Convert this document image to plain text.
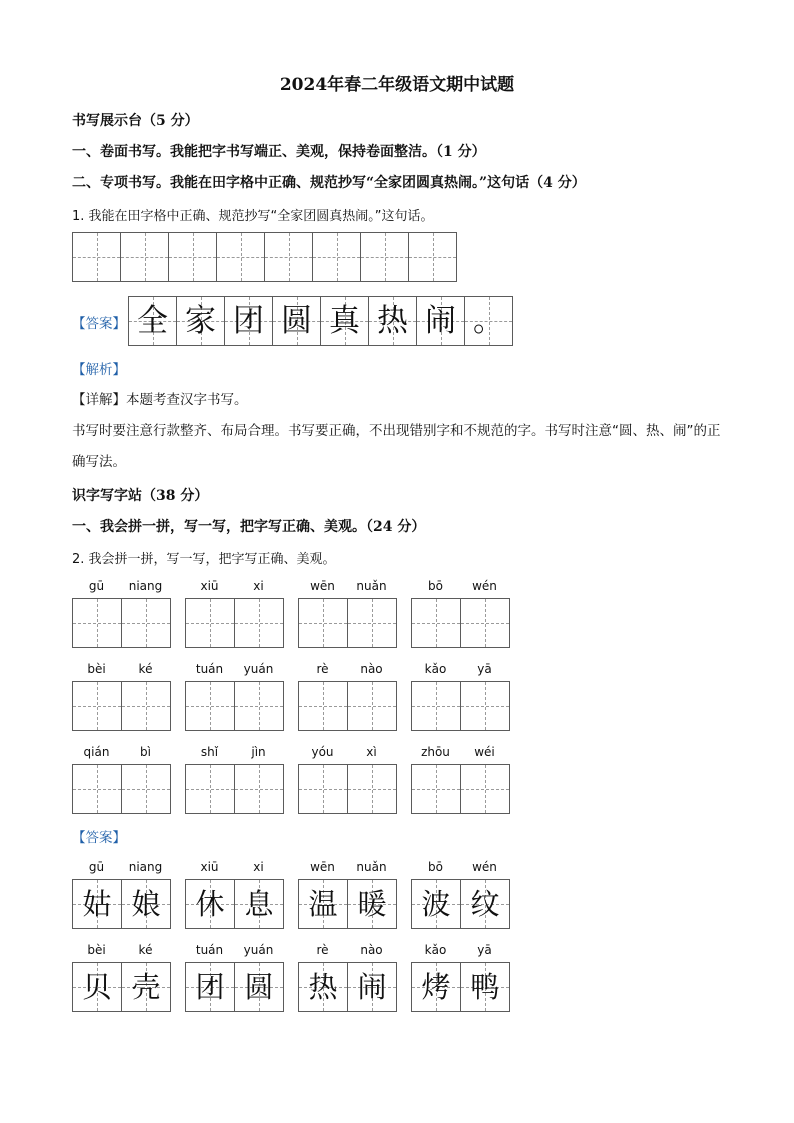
2024年春二年级语文期中试题
书写展示台（5 分）
一、卷面书写。我能把字书写端正、美观，保持卷面整洁。（1 分）
二、专项书写。我能在田字格中正确、规范抄写“全家团圆真热闹。”这句话（4 分）
1. 我能在田字格中正确、规范抄写“全家团圆真热闹。”这句话。
【答案】 全 家 团 圆 真 热 闹 。
【解析】
【详解】本题考查汉字书写。
书写时要注意行款整齐、布局合理。书写要正确，不出现错别字和不规范的字。书写时注意“圆、热、闹”的正确写法。
识字写字站（38 分）
一、我会拼一拼，写一写，把字写正确、美观。（24 分）
2. 我会拼一拼，写一写，把字写正确、美观。
gū	niang	xiū	xi	wēn	nuǎn	bō	wén
bèi	ké	tuán	yuán	rè	nào	kǎo	yā
qián	bì	shǐ	jìn	yóu	xì	zhōu	wéi
【答案】
gū	niang
姑 娘
xiū	xi
休 息
wēn	nuǎn
温 暖
bō	wén
波 纹
bèi	ké
贝 壳
tuán	yuán
团 圆
rè	nào
热 闹
kǎo	yā
烤 鸭
